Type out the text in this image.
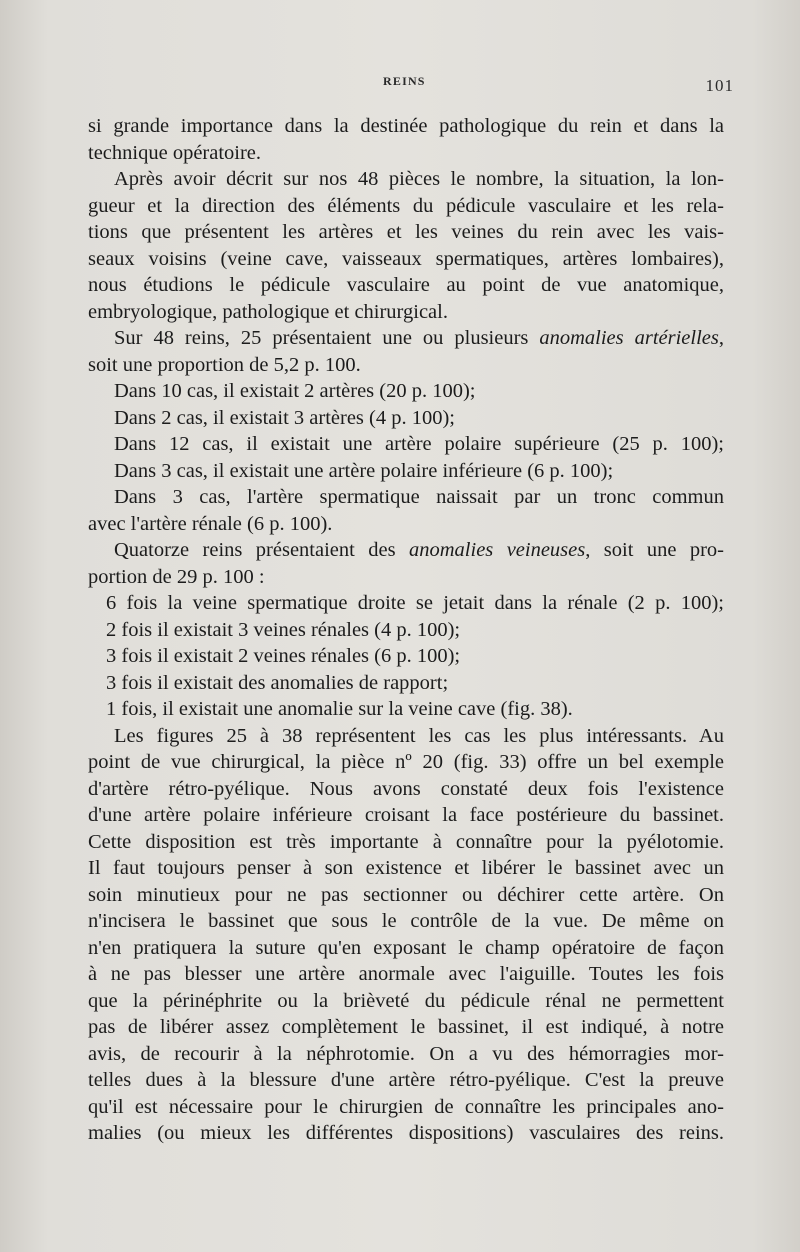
REINS	101
si grande importance dans la destinée pathologique du rein et dans la
technique opératoire.
Après avoir décrit sur nos 48 pièces le nombre, la situation, la lon-
gueur et la direction des éléments du pédicule vasculaire et les rela-
tions que présentent les artères et les veines du rein avec les vais-
seaux voisins (veine cave, vaisseaux spermatiques, artères lombaires),
nous étudions le pédicule vasculaire au point de vue anatomique,
embryologique, pathologique et chirurgical.
Sur 48 reins, 25 présentaient une ou plusieurs anomalies artérielles,
soit une proportion de 5,2 p. 100.
Dans 10 cas, il existait 2 artères (20 p. 100);
Dans 2 cas, il existait 3 artères (4 p. 100);
Dans 12 cas, il existait une artère polaire supérieure (25 p. 100);
Dans 3 cas, il existait une artère polaire inférieure (6 p. 100);
Dans 3 cas, l'artère spermatique naissait par un tronc commun
avec l'artère rénale (6 p. 100).
Quatorze reins présentaient des anomalies veineuses, soit une pro-
portion de 29 p. 100 :
6 fois la veine spermatique droite se jetait dans la rénale (2 p. 100);
2 fois il existait 3 veines rénales (4 p. 100);
3 fois il existait 2 veines rénales (6 p. 100);
3 fois il existait des anomalies de rapport;
1 fois, il existait une anomalie sur la veine cave (fig. 38).
Les figures 25 à 38 représentent les cas les plus intéressants. Au
point de vue chirurgical, la pièce nº 20 (fig. 33) offre un bel exemple
d'artère rétro-pyélique. Nous avons constaté deux fois l'existence
d'une artère polaire inférieure croisant la face postérieure du bassinet.
Cette disposition est très importante à connaître pour la pyélotomie.
Il faut toujours penser à son existence et libérer le bassinet avec un
soin minutieux pour ne pas sectionner ou déchirer cette artère. On
n'incisera le bassinet que sous le contrôle de la vue. De même on
n'en pratiquera la suture qu'en exposant le champ opératoire de façon
à ne pas blesser une artère anormale avec l'aiguille. Toutes les fois
que la périnéphrite ou la brièveté du pédicule rénal ne permettent
pas de libérer assez complètement le bassinet, il est indiqué, à notre
avis, de recourir à la néphrotomie. On a vu des hémorragies mor-
telles dues à la blessure d'une artère rétro-pyélique. C'est la preuve
qu'il est nécessaire pour le chirurgien de connaître les principales ano-
malies (ou mieux les différentes dispositions) vasculaires des reins.
